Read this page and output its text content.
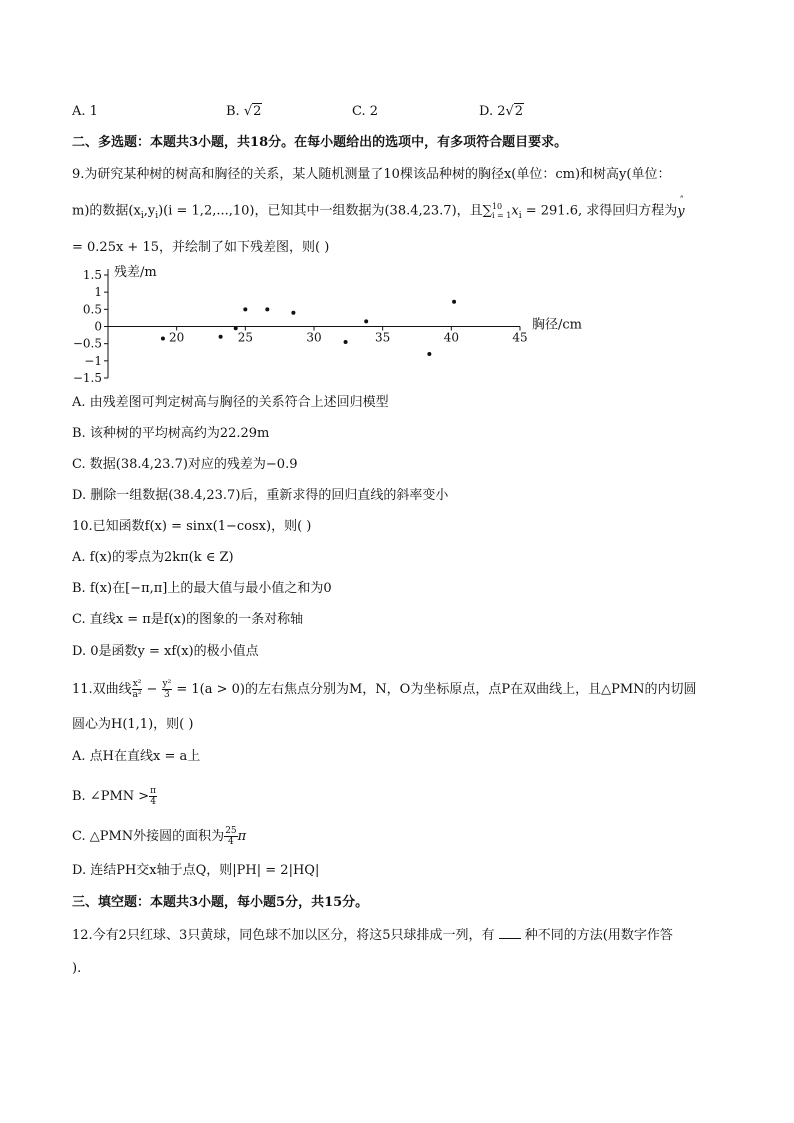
A. 1	B. √2	C. 2	D. 2√2
二、多选题：本题共3小题，共18分。在每小题给出的选项中，有多项符合题目要求。
9.为研究某种树的树高和胸径的关系，某人随机测量了10棵该品种树的胸径x(单位：cm)和树高y(单位：
m)的数据$(x_i,y_i)(i = 1,2,...,10)$，已知其中一组数据为(38.4,23.7)，且∑ 10
i = 1 $x_i = 291.6$, 求得回归方程为
ˆ
y
= 0.25x + 15，并绘制了如下残差图，则( )
1.5
1
0.5
0
−0.5
−1
−1.5
20	25	30	35	40	45
残差/m
胸径/cm
A. 由残差图可判定树高与胸径的关系符合上述回归模型
B. 该种树的平均树高约为22.29m
C. 数据(38.4,23.7)对应的残差为−0.9
D. 删除一组数据(38.4,23.7)后，重新求得的回归直线的斜率变小
10.已知函数f(x) = sinx(1−cosx)，则( )
A. f(x)的零点为2kπ(k ∈ Z)
B. f(x)在[−π,π]上的最大值与最小值之和为0
C. 直线x = π是f(x)的图象的一条对称轴
D. 0是函数y = xf(x)的极小值点
11.双曲线 $\frac{\text{x²}}{\text{a²}} - \frac{\text{y²}}{3} = 1(a > 0)$的左右焦点分别为M，N，O为坐标原点，点P在双曲线上，且△PMN的内切圆
圆心为H(1,1)，则( )
A. 点H在直线x = a上
B. ∠PMN > $\frac{\pi}{4}$
C. △PMN外接圆的面积为 $\frac{25}{4}$ π
D. 连结PH交x轴于点Q，则|PH| = 2|HQ|
三、填空题：本题共3小题，每小题5分，共15分。
12.今有2只红球、3只黄球，同色球不加以区分，将这5只球排成一列，有 种不同的方法(用数字作答
).
